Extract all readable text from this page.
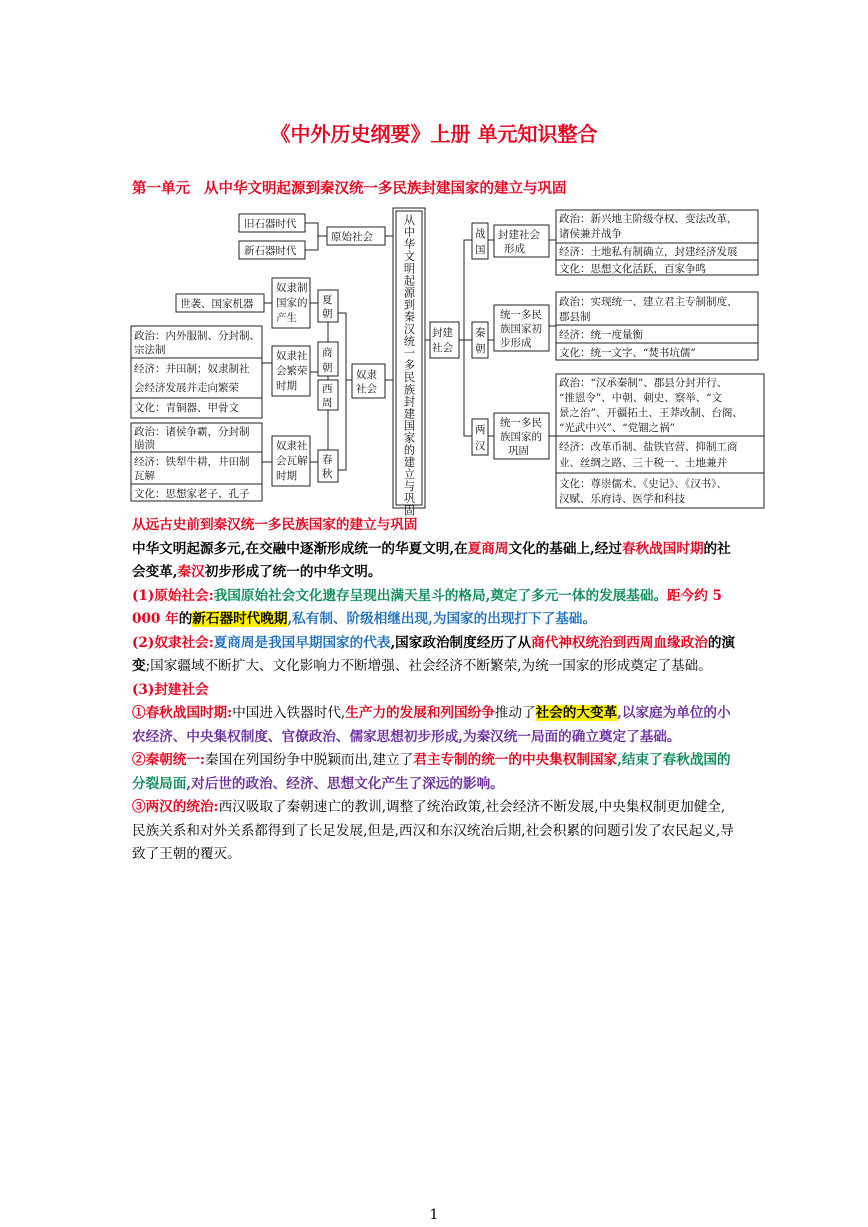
《中外历史纲要》上册 单元知识整合
第一单元 从中华文明起源到秦汉统一多民族封建国家的建立与巩固
旧石器时代
新石器时代
原始社会
世袭、国家机器
奴隶制
国家的
产生
夏
朝
商
朝
西
周
春
秋
奴隶
社会
政治：内外服制、分封制、
宗法制
经济：井田制；奴隶制社
会经济发展并走向繁荣
文化：青铜器、甲骨文
奴隶社
会繁荣
时期
政治：诸侯争霸，分封制
崩溃
经济：铁犁牛耕，井田制
瓦解
文化：思想家老子、孔子
奴隶社
会瓦解
时期	从中华文明起源到秦汉统一多民族封建国家的建立与巩固 封建
社会
战
国
秦
朝
两
汉
封建社会
形成
政治：新兴地主阶级夺权、变法改革，
诸侯兼并战争
经济：土地私有制确立，封建经济发展
文化：思想文化活跃，百家争鸣
统一多民
族国家初
步形成
政治：实现统一、建立君主专制制度、
郡县制
经济：统一度量衡
文化：统一文字、“焚书坑儒”
统一多民
族国家的
巩固
政治：“汉承秦制”、郡县分封并行、
“推恩令”、中朝、刺史、察举、“文
景之治”、开疆拓土、王莽改制、台阁、
“光武中兴”、“党锢之祸”
经济：改革币制、盐铁官营、抑制工商
业、丝绸之路、三十税一、土地兼并
文化：尊崇儒术、《史记》、《汉书》、
汉赋、乐府诗、医学和科技

从远古史前到秦汉统一多民族国家的建立与巩固

中华文明起源多元,在交融中逐渐形成统一的华夏文明,在夏商周文化的基础上,经过春秋战国时期的社会变革,秦汉初步形成了统一的中华文明。

(1)原始社会:我国原始社会文化遗存呈现出满天星斗的格局,奠定了多元一体的发展基础。距今约 5 000 年的新石器时代晚期,私有制、阶级相继出现,为国家的出现打下了基础。

(2)奴隶社会:夏商周是我国早期国家的代表,国家政治制度经历了从商代神权统治到西周血缘政治的演变;国家疆域不断扩大、文化影响力不断增强、社会经济不断繁荣,为统一国家的形成奠定了基础。

(3)封建社会

①春秋战国时期:中国进入铁器时代,生产力的发展和列国纷争推动了社会的大变革,以家庭为单位的小农经济、中央集权制度、官僚政治、儒家思想初步形成,为秦汉统一局面的确立奠定了基础。

②秦朝统一:秦国在列国纷争中脱颖而出,建立了君主专制的统一的中央集权制国家,结束了春秋战国的分裂局面,对后世的政治、经济、思想文化产生了深远的影响。

③两汉的统治:西汉吸取了秦朝速亡的教训,调整了统治政策,社会经济不断发展,中央集权制更加健全,民族关系和对外关系都得到了长足发展,但是,西汉和东汉统治后期,社会积累的问题引发了农民起义,导致了王朝的覆灭。

1
